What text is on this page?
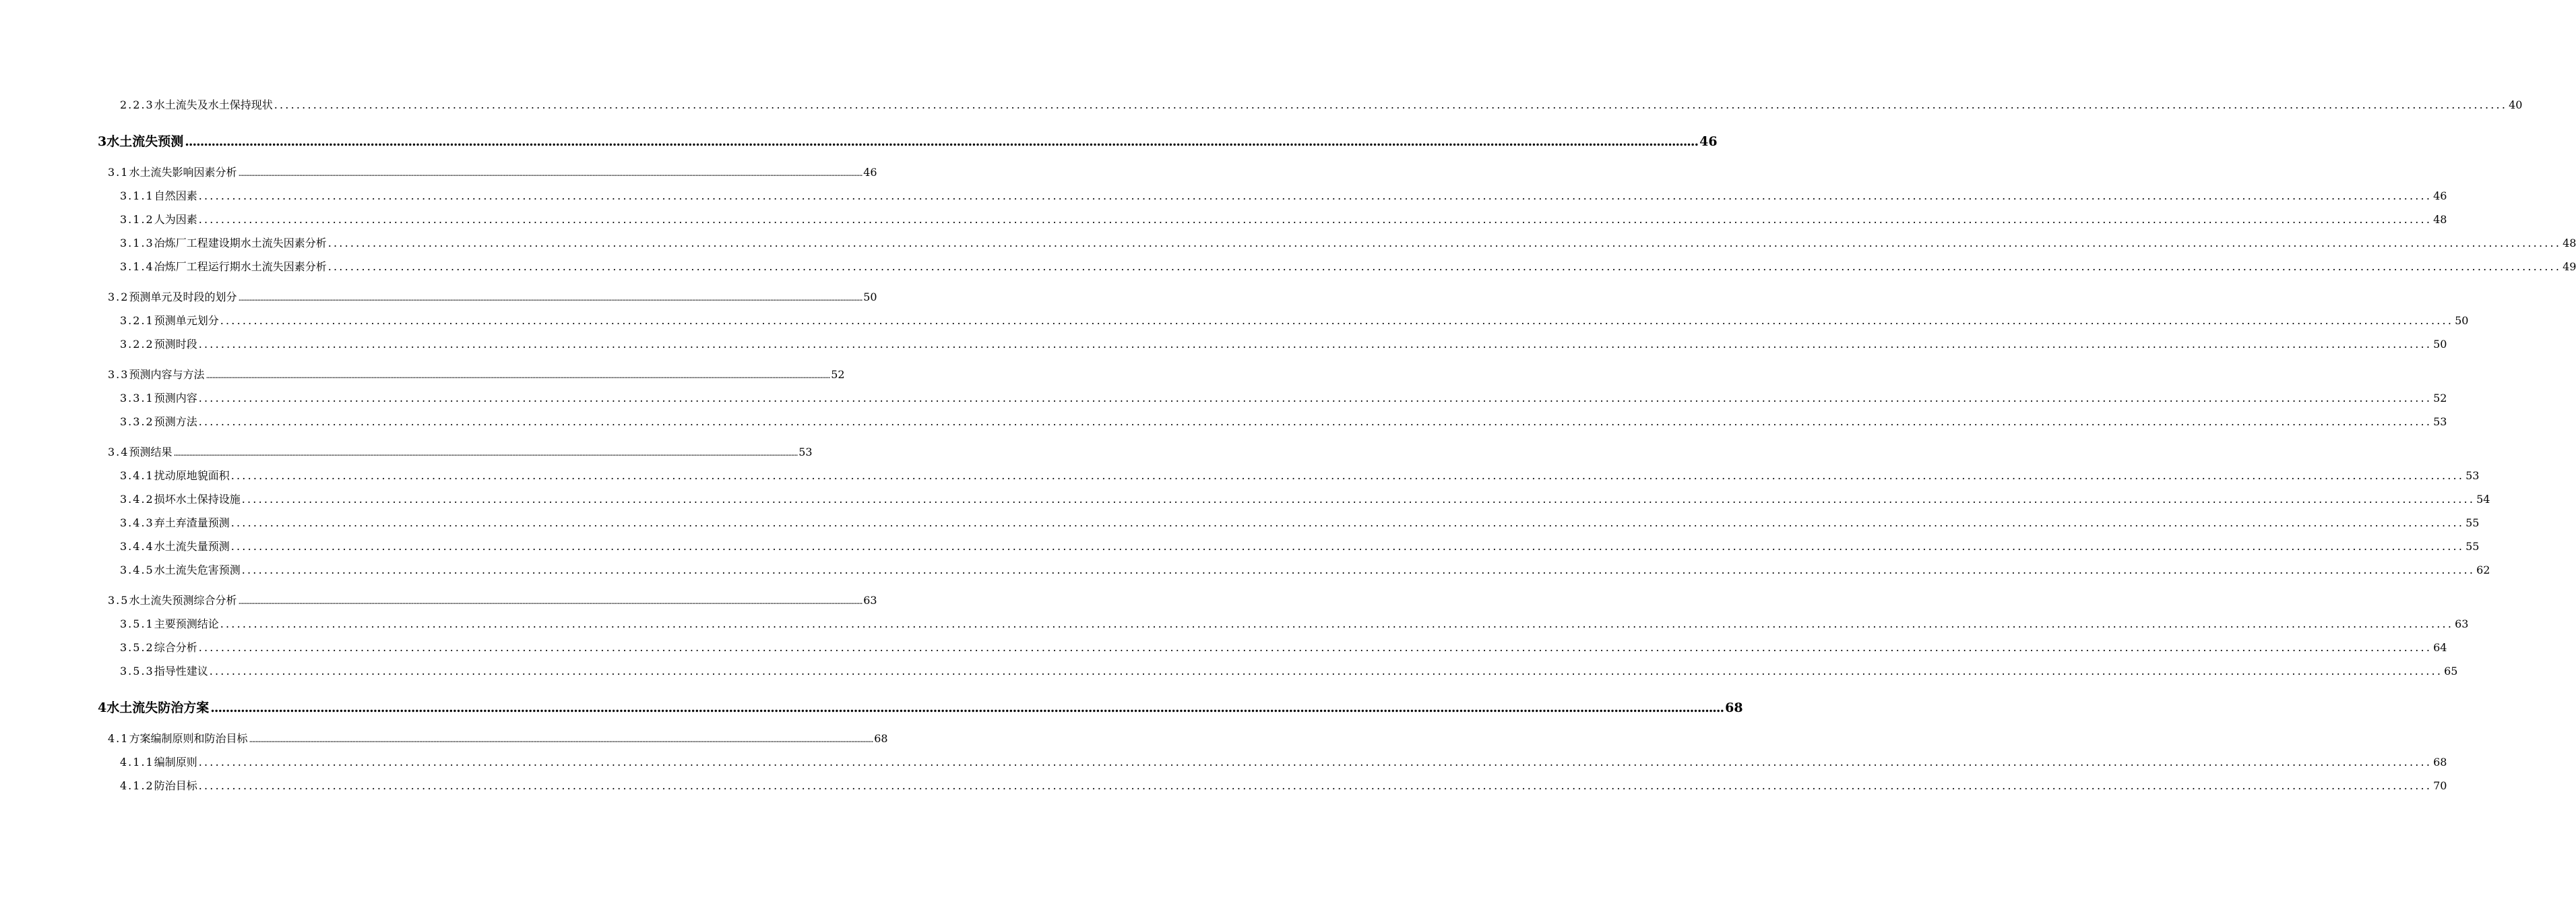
2.2.3 水土流失及水土保持现状 ................................................................................................................................................................................................................................................................................................................................................................................................................ 40
3 水土流失预测 ................................................................................................................................................................................................................................................................................................................................................................................................................ 46
3.1 水土流失影响因素分析 ................................................................................................................................................................................................................................................................................................................................................................................................................ 46
3.1.1 自然因素 ................................................................................................................................................................................................................................................................................................................................................................................................................ 46
3.1.2 人为因素 ................................................................................................................................................................................................................................................................................................................................................................................................................ 48
3.1.3 冶炼厂工程建设期水土流失因素分析 ................................................................................................................................................................................................................................................................................................................................................................................................................ 48
3.1.4 冶炼厂工程运行期水土流失因素分析 ................................................................................................................................................................................................................................................................................................................................................................................................................ 49
3.2 预测单元及时段的划分 ................................................................................................................................................................................................................................................................................................................................................................................................................ 50
3.2.1 预测单元划分 ................................................................................................................................................................................................................................................................................................................................................................................................................ 50
3.2.2 预测时段 ................................................................................................................................................................................................................................................................................................................................................................................................................ 50
3.3 预测内容与方法 ................................................................................................................................................................................................................................................................................................................................................................................................................ 52
3.3.1 预测内容 ................................................................................................................................................................................................................................................................................................................................................................................................................ 52
3.3.2 预测方法 ................................................................................................................................................................................................................................................................................................................................................................................................................ 53
3.4 预测结果 ................................................................................................................................................................................................................................................................................................................................................................................................................ 53
3.4.1 扰动原地貌面积 ................................................................................................................................................................................................................................................................................................................................................................................................................ 53
3.4.2 损坏水土保持设施 ................................................................................................................................................................................................................................................................................................................................................................................................................ 54
3.4.3 弃土弃渣量预测 ................................................................................................................................................................................................................................................................................................................................................................................................................ 55
3.4.4 水土流失量预测 ................................................................................................................................................................................................................................................................................................................................................................................................................ 55
3.4.5 水土流失危害预测 ................................................................................................................................................................................................................................................................................................................................................................................................................ 62
3.5 水土流失预测综合分析 ................................................................................................................................................................................................................................................................................................................................................................................................................ 63
3.5.1 主要预测结论 ................................................................................................................................................................................................................................................................................................................................................................................................................ 63
3.5.2 综合分析 ................................................................................................................................................................................................................................................................................................................................................................................................................ 64
3.5.3 指导性建议 ................................................................................................................................................................................................................................................................................................................................................................................................................ 65
4 水土流失防治方案 ................................................................................................................................................................................................................................................................................................................................................................................................................ 68
4.1 方案编制原则和防治目标 ................................................................................................................................................................................................................................................................................................................................................................................................................ 68
4.1.1 编制原则 ................................................................................................................................................................................................................................................................................................................................................................................................................ 68
4.1.2 防治目标 ................................................................................................................................................................................................................................................................................................................................................................................................................ 70
